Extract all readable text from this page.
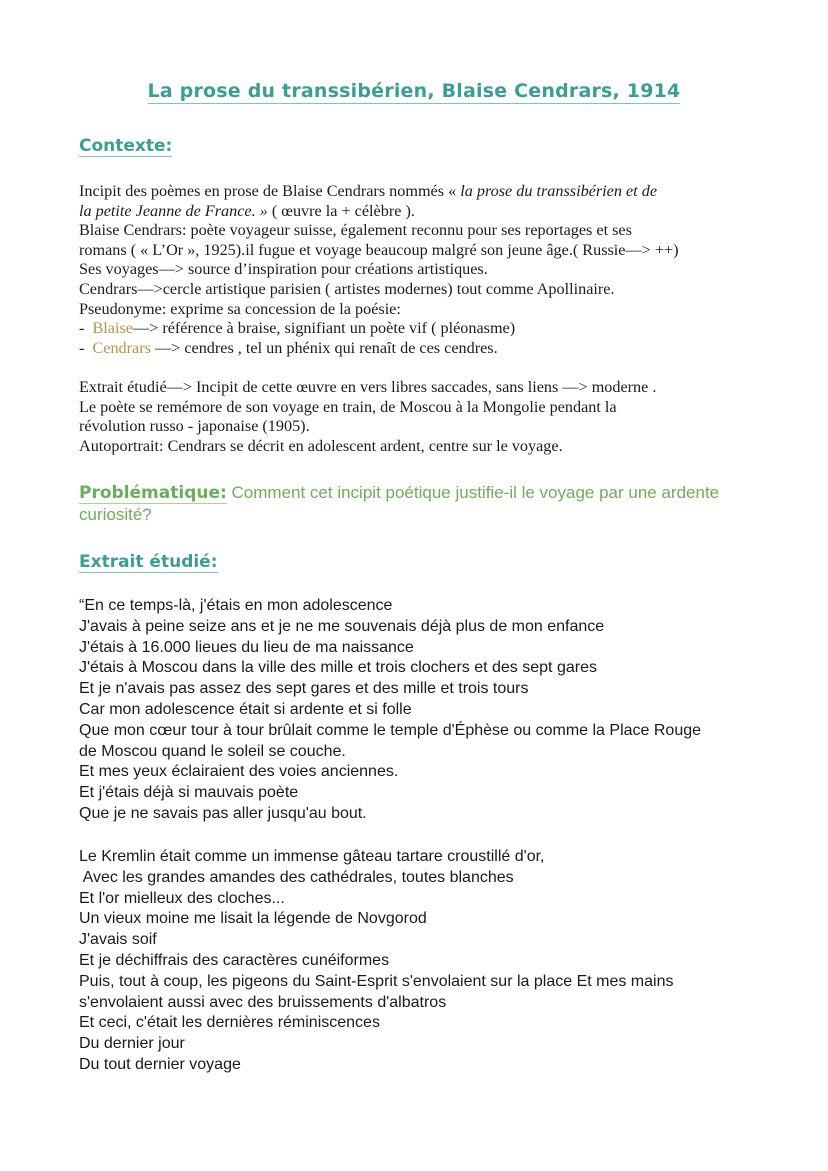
La prose du transsibérien, Blaise Cendrars, 1914
Contexte:

Incipit des poèmes en prose de Blaise Cendrars nommés « la prose du transsibérien et de

la petite Jeanne de France. » ( œuvre la + célèbre ).

Blaise Cendrars: poète voyageur suisse, également reconnu pour ses reportages et ses

romans ( « L’Or », 1925).il fugue et voyage beaucoup malgré son jeune âge.( Russie—> ++)

Ses voyages—> source d’inspiration pour créations artistiques.

Cendrars—>cercle artistique parisien ( artistes modernes) tout comme Apollinaire.

Pseudonyme: exprime sa concession de la poésie:

-  Blaise—> référence à braise, signifiant un poète vif ( pléonasme)

-  Cendrars —> cendres , tel un phénix qui renaît de ces cendres.

Extrait étudié—> Incipit de cette œuvre en vers libres saccades, sans liens —> moderne .

Le poète se remémore de son voyage en train, de Moscou à la Mongolie pendant la

révolution russo - japonaise (1905).

Autoportrait: Cendrars se décrit en adolescent ardent, centre sur le voyage.

Problématique: Comment cet incipit poétique justifie-il le voyage par une ardente
curiosité?
Extrait étudié:

“En ce temps-là, j'étais en mon adolescence

J'avais à peine seize ans et je ne me souvenais déjà plus de mon enfance

J'étais à 16.000 lieues du lieu de ma naissance

J'étais à Moscou dans la ville des mille et trois clochers et des sept gares

Et je n'avais pas assez des sept gares et des mille et trois tours

Car mon adolescence était si ardente et si folle

Que mon cœur tour à tour brûlait comme le temple d'Éphèse ou comme la Place Rouge

de Moscou quand le soleil se couche.

Et mes yeux éclairaient des voies anciennes.

Et j'étais déjà si mauvais poète

Que je ne savais pas aller jusqu'au bout.

Le Kremlin était comme un immense gâteau tartare croustillé d'or,

Avec les grandes amandes des cathédrales, toutes blanches

Et l'or mielleux des cloches...

Un vieux moine me lisait la légende de Novgorod

J'avais soif

Et je déchiffrais des caractères cunéiformes

Puis, tout à coup, les pigeons du Saint-Esprit s'envolaient sur la place Et mes mains

s'envolaient aussi avec des bruissements d'albatros

Et ceci, c'était les dernières réminiscences

Du dernier jour

Du tout dernier voyage
